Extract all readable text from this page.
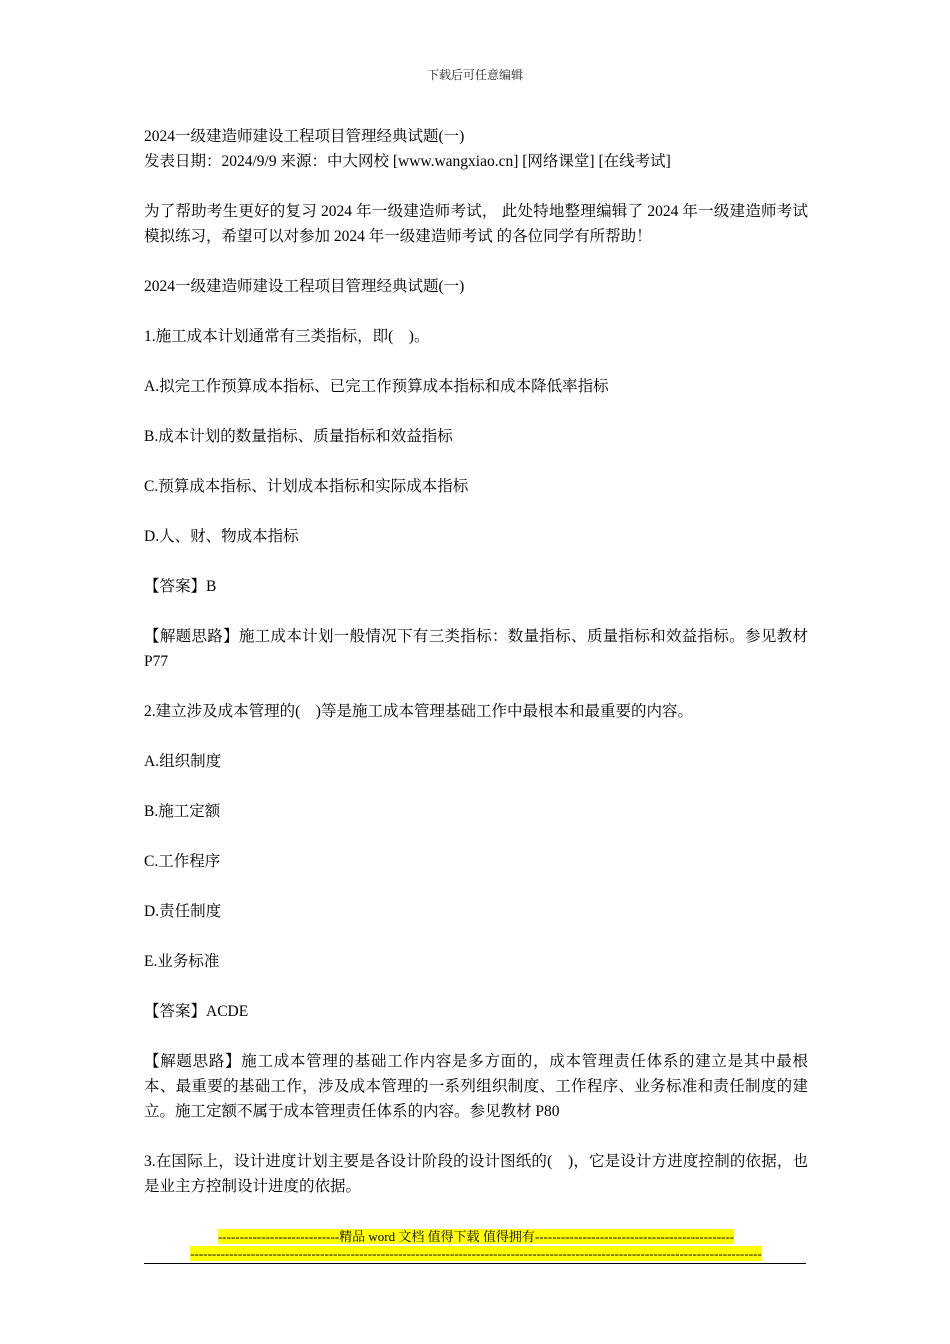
下载后可任意编辑

2024一级建造师建设工程项目管理经典试题(一)

发表日期：2024/9/9 来源：中大网校 [www.wangxiao.cn] [网络课堂] [在线考试]

为了帮助考生更好的复习 2024 年一级建造师考试， 此处特地整理编辑了 2024 年一级建造师考试 模拟练习，希望可以对参加 2024 年一级建造师考试 的各位同学有所帮助！

2024一级建造师建设工程项目管理经典试题(一)

1.施工成本计划通常有三类指标，即(　)。

A.拟完工作预算成本指标、已完工作预算成本指标和成本降低率指标

B.成本计划的数量指标、质量指标和效益指标

C.预算成本指标、计划成本指标和实际成本指标

D.人、财、物成本指标

【答案】B

【解题思路】施工成本计划一般情况下有三类指标：数量指标、质量指标和效益指标。参见教材 P77

2.建立涉及成本管理的(　)等是施工成本管理基础工作中最根本和最重要的内容。

A.组织制度

B.施工定额

C.工作程序

D.责任制度

E.业务标准

【答案】ACDE

【解题思路】施工成本管理的基础工作内容是多方面的，成本管理责任体系的建立是其中最根本、最重要的基础工作，涉及成本管理的一系列组织制度、工作程序、业务标准和责任制度的建立。施工定额不属于成本管理责任体系的内容。参见教材 P80

3.在国际上，设计进度计划主要是各设计阶段的设计图纸的(　)，它是设计方进度控制的依据，也是业主方控制设计进度的依据。

----------------------------精品 word 文档 值得下载 值得拥有----------------------------------------------
------------------------------------------------------------------------------------------------------------------------------------
